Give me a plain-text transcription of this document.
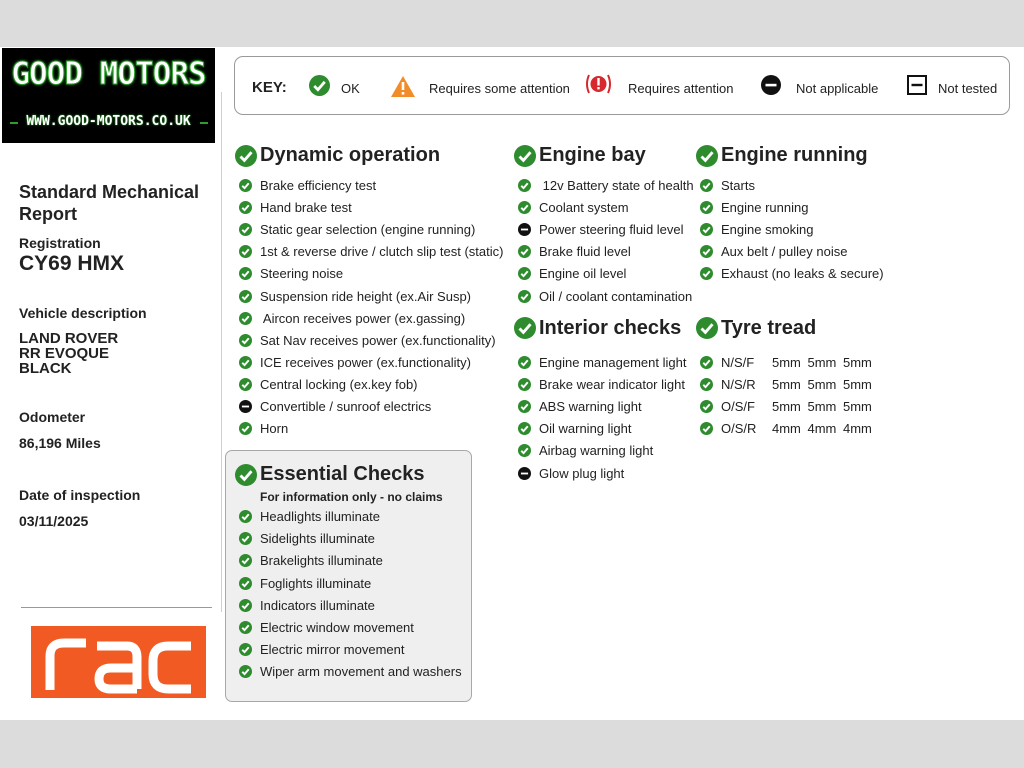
GOOD MOTORS
WWW.GOOD-MOTORS.CO.UK
Standard Mechanical Report
Registration
CY69 HMX
Vehicle description
LAND ROVER
RR EVOQUE
BLACK
Odometer
86,196 Miles
Date of inspection
03/11/2025
KEY:	OK	Requires some attention	Requires attention	Not applicable	Not tested
Dynamic operation	Engine bay	Engine running
Interior checks Tyre tread
Essential Checks
For information only - no claims
Brake efficiency test
Hand brake test
Static gear selection (engine running)
1st & reverse drive / clutch slip test (static)
Steering noise
Suspension ride height (ex.Air Susp)
Aircon receives power (ex.gassing)
Sat Nav receives power (ex.functionality)
ICE receives power (ex.functionality)
Central locking (ex.key fob)
Convertible / sunroof electrics
Horn
12v Battery state of health
Coolant system
Power steering fluid level
Brake fluid level
Engine oil level
Oil / coolant contamination
Starts
Engine running
Engine smoking
Aux belt / pulley noise
Exhaust (no leaks & secure)
Engine management light
Brake wear indicator light
ABS warning light
Oil warning light
Airbag warning light
Glow plug light
N/S/F 5mm 5mm 5mm
N/S/R 5mm 5mm 5mm
O/S/F 5mm 5mm 5mm
O/S/R 4mm 4mm 4mm
Headlights illuminate
Sidelights illuminate
Brakelights illuminate
Foglights illuminate
Indicators illuminate
Electric window movement
Electric mirror movement
Wiper arm movement and washers
